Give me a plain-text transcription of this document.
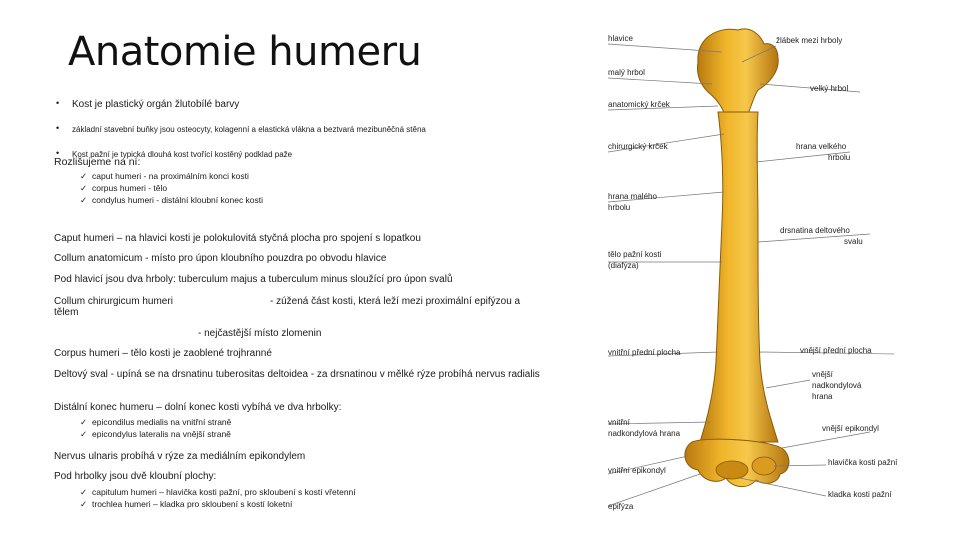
Anatomie humeru
• Kost je plastický orgán žlutobílé barvy
• základní stavební buňky jsou osteocyty, kolagenní a elastická vlákna a beztvará mezibuněčná stěna
• Kost pažní je typická dlouhá kost tvořící kostěný podklad paže
Rozlišujeme na ní:
✓ caput humeri - na proximálním konci kosti
✓ corpus humeri - tělo
✓ condylus humeri - distální kloubní konec kosti
Caput humeri – na hlavici kosti je polokulovitá styčná plocha pro spojení s lopatkou
Collum anatomicum - místo pro úpon kloubního pouzdra po obvodu hlavice
Pod hlavicí jsou dva hrboly: tuberculum majus a tuberculum minus sloužící pro úpon svalů
Collum chirurgicum humeri	- zúžená část kosti, která leží mezi proximální epifýzou a
tělem
- nejčastější místo zlomenin
Corpus humeri – tělo kosti je zaoblené trojhranné
Deltový sval - upíná se na drsnatinu tuberositas deltoidea - za drsnatinou v mělké rýze probíhá nervus radialis
Distální konec humeru – dolní konec kosti vybíhá ve dva hrbolky:
✓ epicondilus medialis na vnitřní straně
✓ epicondylus lateralis na vnější straně
Nervus ulnaris probíhá v rýze za mediálním epikondylem
Pod hrbolky jsou dvě kloubní plochy:
✓ capitulum humeri – hlavička kosti pažní, pro skloubení s kostí vřetenní
✓ trochlea humeri – kladka pro skloubení s kostí loketní
hlavice	žlábek mezi hrboly
malý hrbol
velký hrbol
anatomický krček
chirurgický krček	hrana velkého
hrbolu
hrana malého
hrbolu
drsnatina deltového
svalu
tělo pažní kosti
(diafýza)
vnitřní přední plocha	vnější přední plocha
vnější
nadkondylová
hrana
vnitřní
nadkondylová hrana
vnější epikondyl
hlavička kosti pažní
vnitřní epikondyl
kladka kosti pažní
epifýza
